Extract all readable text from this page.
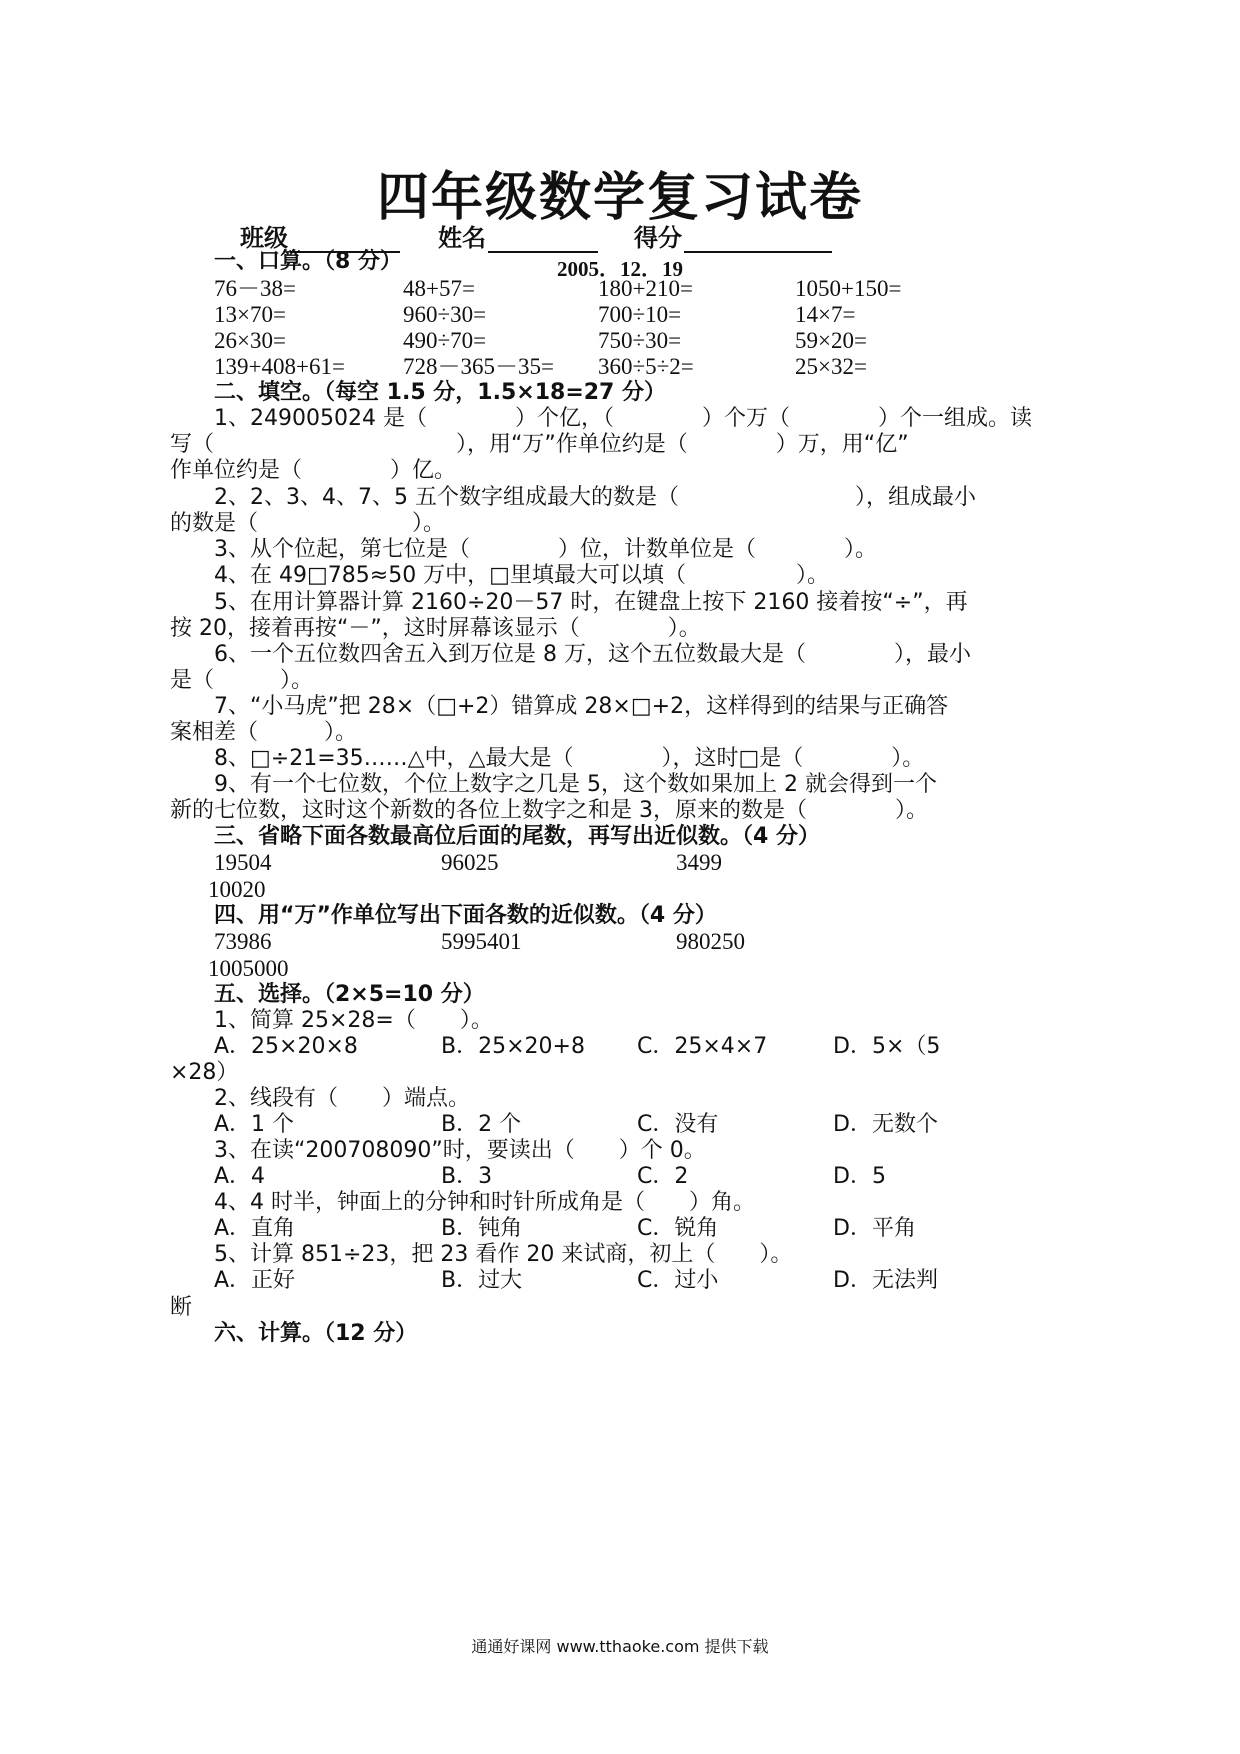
四年级数学复习试卷
班级	姓名	得分
2005．12．19
一、口算。（8 分）
76－38=	48+57=	180+210=	1050+150=
13×70=	960÷30=	700÷10=	14×7=
26×30=	490÷70=	750÷30=	59×20=
139+408+61=	728－365－35= 360÷5÷2=	25×32=
二、填空。（每空 1.5 分，1.5×18=27 分）
1、249005024 是（　　　　）个亿，（　　　　）个万（　　　　）个一组成。读
写（　　　　　　　　　　　），用“万”作单位约是（　　　　）万，用“亿”
作单位约是（　　　　）亿。
2、2、3、4、7、5 五个数字组成最大的数是（　　　　　　　　），组成最小
的数是（　　　　　　　）。
3、从个位起，第七位是（　　　　）位，计数单位是（　　　　）。
4、在 49□785≈50 万中，□里填最大可以填（　　　　　）。
5、在用计算器计算 2160÷20－57 时，在键盘上按下 2160 接着按“÷”，再
按 20，接着再按“－”，这时屏幕该显示（　　　　）。
6、一个五位数四舍五入到万位是 8 万，这个五位数最大是（　　　　），最小
是（　　　）。
7、“小马虎”把 28×（□+2）错算成 28×□+2，这样得到的结果与正确答
案相差（　　　）。
8、□÷21=35……△中，△最大是（　　　　），这时□是（　　　　）。
9、有一个七位数，个位上数字之几是 5，这个数如果加上 2 就会得到一个
新的七位数，这时这个新数的各位上数字之和是 3，原来的数是（　　　　）。
三、省略下面各数最高位后面的尾数，再写出近似数。（4 分）
19504	96025	3499
10020
四、用“万”作单位写出下面各数的近似数。（4 分）
73986	5995401	980250
1005000
五、选择。（2×5=10 分）
1、简算 25×28=（　　）。
A．25×20×8	B．25×20+8 C．25×4×7	D．5×（5
×28）
2、线段有（　　）端点。
A．1 个	B．2 个	C．没有	D．无数个
3、在读“200708090”时，要读出（　　）个 0。
A．4	B．3	C．2	D．5
4、4 时半，钟面上的分钟和时针所成角是（　　）角。
A．直角	B．钝角	C．锐角	D．平角
5、计算 851÷23，把 23 看作 20 来试商，初上（　　）。
A．正好	B．过大	C．过小	D．无法判
断
六、计算。（12 分）
通通好课网 www.tthaoke.com 提供下载
